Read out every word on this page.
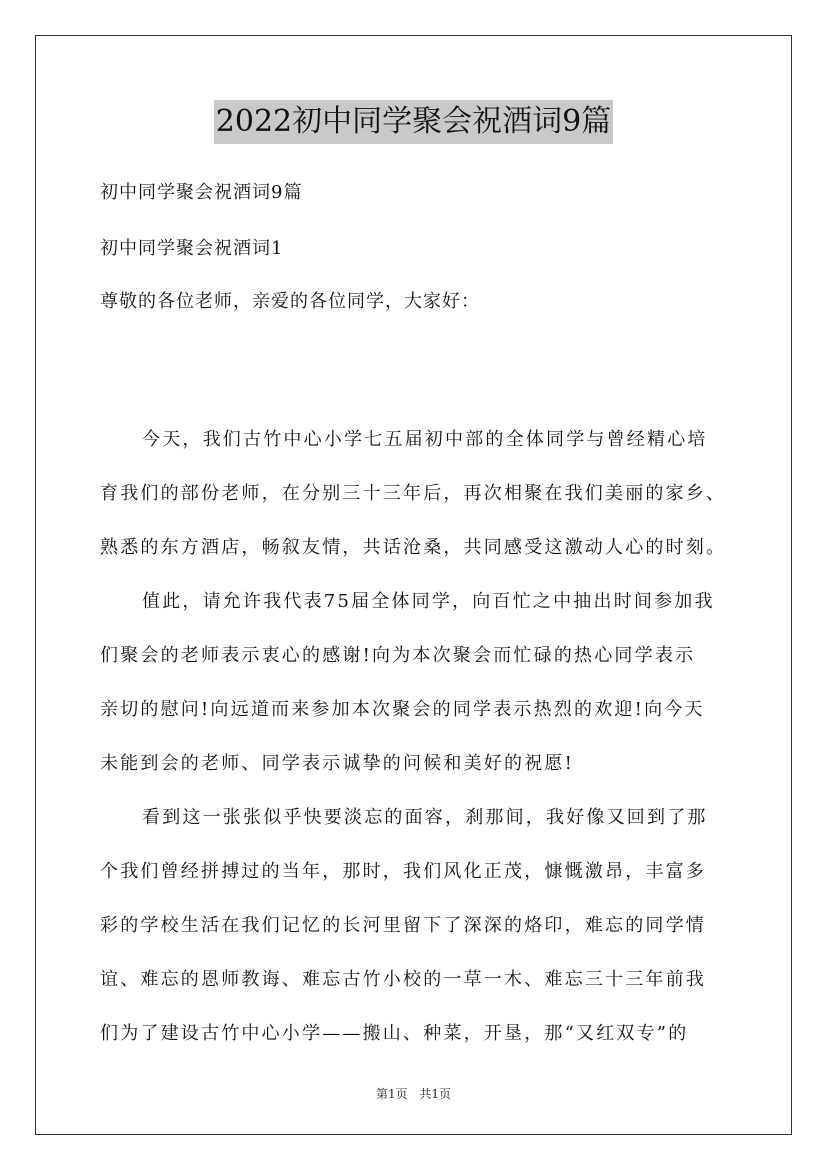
2022初中同学聚会祝酒词9篇
初中同学聚会祝酒词9篇
初中同学聚会祝酒词1
尊敬的各位老师，亲爱的各位同学，大家好：
今天，我们古竹中心小学七五届初中部的全体同学与曾经精心培
育我们的部份老师，在分别三十三年后，再次相聚在我们美丽的家乡、
熟悉的东方酒店，畅叙友情，共话沧桑，共同感受这激动人心的时刻。
值此，请允许我代表75届全体同学，向百忙之中抽出时间参加我
们聚会的老师表示衷心的感谢!向为本次聚会而忙碌的热心同学表示
亲切的慰问!向远道而来参加本次聚会的同学表示热烈的欢迎!向今天
未能到会的老师、同学表示诚挚的问候和美好的祝愿!
看到这一张张似乎快要淡忘的面容，刹那间，我好像又回到了那
个我们曾经拼搏过的当年，那时，我们风化正茂，慷慨激昂，丰富多
彩的学校生活在我们记忆的长河里留下了深深的烙印，难忘的同学情
谊、难忘的恩师教诲、难忘古竹小校的一草一木、难忘三十三年前我
们为了建设古竹中心小学——搬山、种菜，开垦，那“又红双专”的
第1页 共1页
